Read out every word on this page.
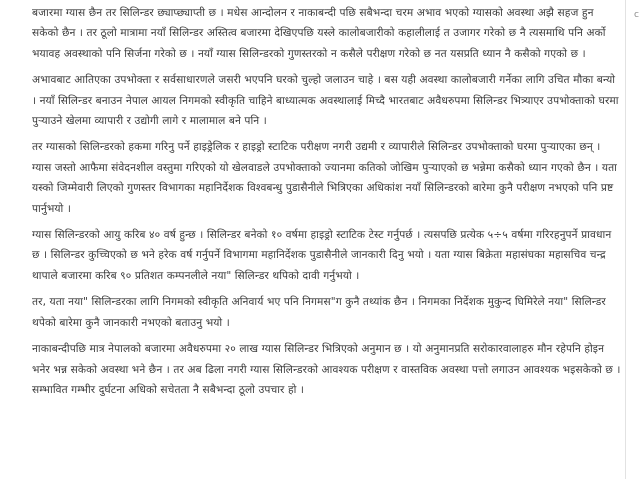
बजारमा ग्यास छैन तर सिलिन्डर छ्याप्छ्याप्ती छ । मधेस आन्दोलन र नाकाबन्दी पछि सबैभन्दा चरम अभाव भएको ग्यासको अवस्था अझै सहज हुन सकेको छैन । तर ठूलो मात्रामा नयाँ सिलिन्डर अस्तित्व बजारमा देखिएपछि यस्ले कालोबजारीको कहालीलाई त उजागर गरेको छ नै त्यसमाथि पनि अर्को भयावह अवस्थाको पनि सिर्जना गरेको छ । नयाँ ग्यास सिलिन्डरको गुणस्तरको न कसैले परीक्षण गरेको छ नत यसप्रति ध्यान नै कसैको गएको छ ।

अभावबाट आतिएका उपभोक्ता र सर्वसाधारणले जसरी भएपनि घरको चुल्हो जलाउन चाहे । बस यही अवस्था कालोबजारी गर्नेका लागि उचित मौका बन्यो । नयाँ सिलिन्डर बनाउन नेपाल आयल निगमको स्वीकृति चाहिने बाध्यात्मक अवस्थालाई मिच्दै भारतबाट अवैधरुपमा सिलिन्डर भित्र्याएर उपभोक्ताको घरमा पुर्‍याउने खेलमा व्यापारी र उद्योगी लागे र मालामाल बने पनि ।

तर ग्यासको सिलिन्डरको हकमा गरिनु पर्ने हाइड्रेलिक र हाइड्रो स्टाटिक परीक्षण नगरी उद्यमी र व्यापारीले सिलिन्डर उपभोक्ताको घरमा पुर्‍याएका छन् । ग्यास जस्तो आफैमा संवेदनशील वस्तुमा गरिएको यो खेलवाडले उपभोक्ताको ज्यानमा कतिको जोखिम पुर्‍याएको छ भन्नेमा कसैको ध्यान गएको छैन । यता यस्को जिम्मेवारी लिएको गुणस्तर विभागका महानिर्देशक विश्वबन्धु पुडासैनीले भित्रिएका अधिकांश नयाँ सिलिन्डरको बारेमा कुनै परीक्षण नभएको पनि प्रष्ट पार्नुभयो ।

ग्यास सिलिन्डरको आयु करिब ४० वर्ष हुन्छ । सिलिन्डर बनेको १० वर्षमा हाइड्रो स्टाटिक टेस्ट गर्नुपर्छ । त्यसपछि प्रत्येक ५÷५ वर्षमा गरिरहनुपर्ने प्रावधान छ । सिलिन्डर कुच्चिएको छ भने हरेक वर्ष गर्नुपर्ने विभागमा महानिर्देशक पुडासैनीले जानकारी दिनु भयो । यता ग्यास बिक्रेता महासंघका महासचिव चन्द्र थापाले बजारमा करिब ९० प्रतिशत कम्पनलीले नया" सिलिन्डर थपिको दावी गर्नुभयो ।

तर, यता नया" सिलिन्डरका लागि निगमको स्वीकृति अनिवार्य भए पनि निगमस"ग कुनै तथ्यांक छैन । निगमका निर्देशक मुकुन्द घिमिरेले नया" सिलिन्डर थपेको बारेमा कुनै जानकारी नभएको बताउनु भयो ।

नाकाबन्दीपछि मात्र नेपालको बजारमा अवैधरुपमा २० लाख ग्यास सिलिन्डर भित्रिएको अनुमान छ । यो अनुमानप्रति सरोकारवालाहरु मौन रहेपनि होइन भनेर भन्न सकेको अवस्था भने छैन । तर अब ढिला नगरी ग्यास सिलिन्डरको आवश्यक परीक्षण र वास्तविक अवस्था पत्तो लगाउन आवश्यक भइसकेको छ । सम्भावित गम्भीर दुर्घटना अधिको सचेतता नै सबैभन्दा ठूलो उपचार हो ।

c
